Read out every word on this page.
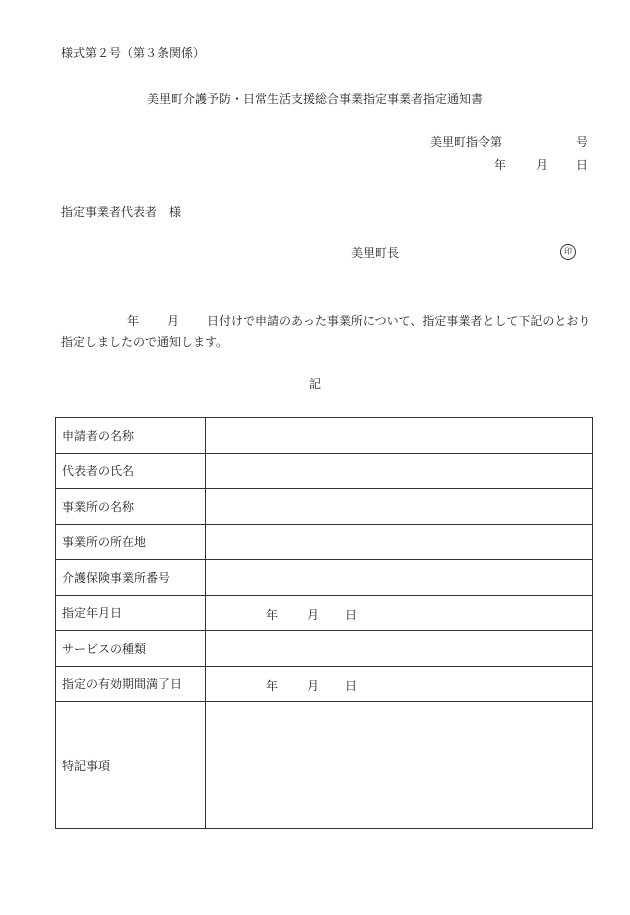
様式第２号（第３条関係）
美里町介護予防・日常生活支援総合事業指定事業者指定通知書
美里町指令第	号
年 月 日
指定事業者代表者　様
美里町長	印
年 月 日付けで申請のあった事業所について、指定事業者として下記のとおり指定しましたので通知します。
記
申請者の名称	
代表者の氏名	
事業所の名称	
事業所の所在地	
介護保険事業所番号	
指定年月日	年 月 日

サービスの種類	
指定の有効期間満了日	年 月 日

特記事項	
